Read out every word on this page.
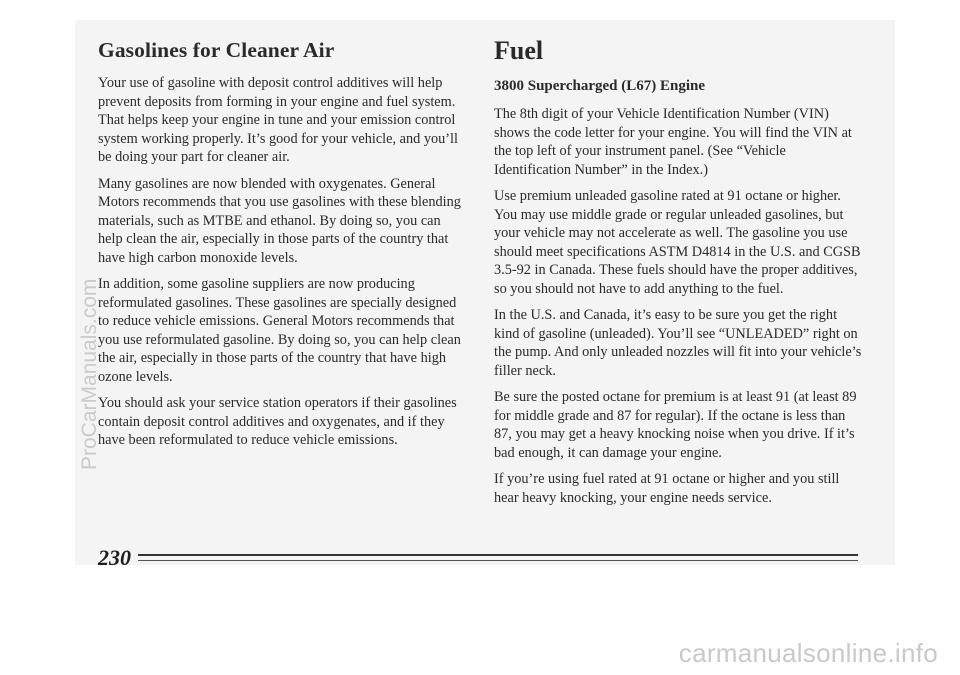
Gasolines for Cleaner Air

Your use of gasoline with deposit control additives will help prevent deposits from forming in your engine and fuel system. That helps keep your engine in tune and your emission control system working properly. It’s good for your vehicle, and you’ll be doing your part for cleaner air.

Many gasolines are now blended with oxygenates. General Motors recommends that you use gasolines with these blending materials, such as MTBE and ethanol. By doing so, you can help clean the air, especially in those parts of the country that have high carbon monoxide levels.

In addition, some gasoline suppliers are now producing reformulated gasolines. These gasolines are specially designed to reduce vehicle emissions. General Motors recommends that you use reformulated gasoline. By doing so, you can help clean the air, especially in those parts of the country that have high ozone levels.

You should ask your service station operators if their gasolines contain deposit control additives and oxygenates, and if they have been reformulated to reduce vehicle emissions.

Fuel
3800 Supercharged (L67) Engine

The 8th digit of your Vehicle Identification Number (VIN) shows the code letter for your engine. You will find the VIN at the top left of your instrument panel. (See “Vehicle Identification Number” in the Index.)

Use premium unleaded gasoline rated at 91 octane or higher. You may use middle grade or regular unleaded gasolines, but your vehicle may not accelerate as well. The gasoline you use should meet specifications ASTM D4814 in the U.S. and CGSB 3.5-92 in Canada. These fuels should have the proper additives, so you should not have to add anything to the fuel.

In the U.S. and Canada, it’s easy to be sure you get the right kind of gasoline (unleaded). You’ll see “UNLEADED” right on the pump. And only unleaded nozzles will fit into your vehicle’s filler neck.

Be sure the posted octane for premium is at least 91 (at least 89 for middle grade and 87 for regular). If the octane is less than 87, you may get a heavy knocking noise when you drive. If it’s bad enough, it can damage your engine.

If you’re using fuel rated at 91 octane or higher and you still hear heavy knocking, your engine needs service.

230
ProCarManuals.com
carmanualsonline.info
